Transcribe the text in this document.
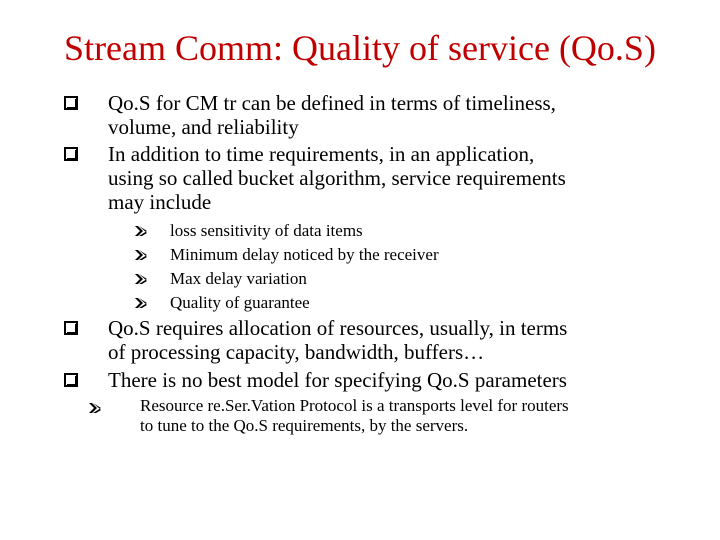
Stream Comm: Quality of service (Qo.S)
Qo.S for CM tr can be defined in terms of timeliness,
volume, and reliability
In addition to time requirements, in an application,
using so called bucket algorithm, service requirements
may include
loss sensitivity of data items
Minimum delay noticed by the receiver
Max delay variation
Quality of guarantee
Qo.S requires allocation of resources, usually, in terms
of processing capacity, bandwidth, buffers…
There is no best model for specifying Qo.S parameters
Resource re.Ser.Vation Protocol is a transports level for routers
to tune to the Qo.S requirements, by the servers.
